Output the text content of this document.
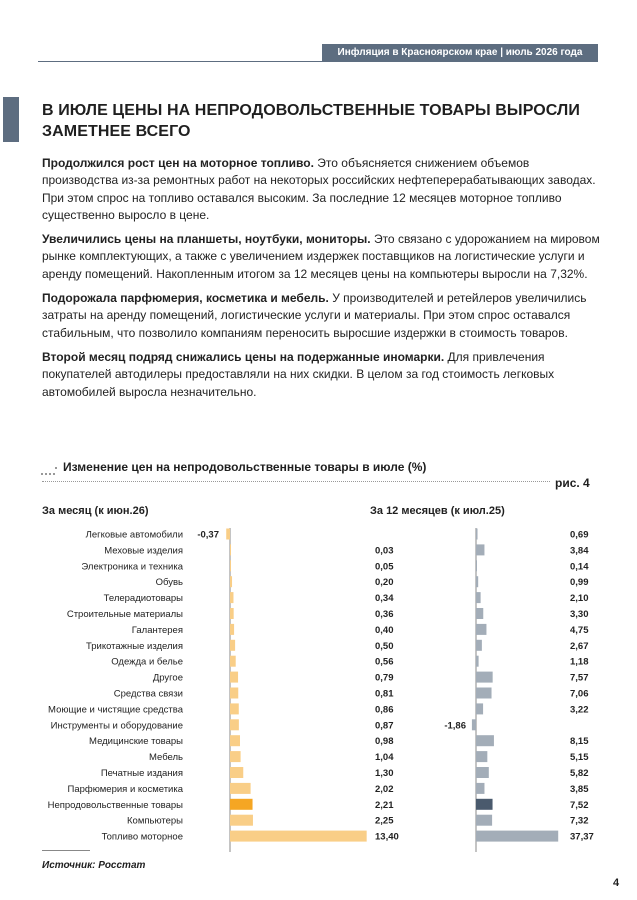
Инфляция в Красноярском крае | июль 2026 года
В ИЮЛЕ ЦЕНЫ НА НЕПРОДОВОЛЬСТВЕННЫЕ ТОВАРЫ ВЫРОСЛИ ЗАМЕТНЕЕ ВСЕГО

Продолжился рост цен на моторное топливо. Это объясняется снижением объемов производства из-за ремонтных работ на некоторых российских нефтеперерабатывающих заводах. При этом спрос на топливо оставался высоким. За последние 12 месяцев моторное топливо существенно выросло в цене.

Увеличились цены на планшеты, ноутбуки, мониторы. Это связано с удорожанием на мировом рынке комплектующих, а также с увеличением издержек поставщиков на логистические услуги и аренду помещений. Накопленным итогом за 12 месяцев цены на компьютеры выросли на 7,32%.

Подорожала парфюмерия, косметика и мебель. У производителей и ретейлеров увеличились затраты на аренду помещений, логистические услуги и материалы. При этом спрос оставался стабильным, что позволило компаниям переносить выросшие издержки в стоимость товаров.

Второй месяц подряд снижались цены на подержанные иномарки. Для привлечения покупателей автодилеры предоставляли на них скидки. В целом за год стоимость легковых автомобилей выросла незначительно.

Изменение цен на непродовольственные товары в июле (%)
рис. 4
За месяц (к июн.26)	За 12 месяцев (к июл.25)
Легковые автомобили -0,37	0,69
Меховые изделия	0,03	3,84
Электроника и техника	0,05	0,14
Обувь	0,20	0,99
Телерадиотовары	0,34	2,10
Строительные материалы	0,36	3,30
Галантерея	0,40	4,75
Трикотажные изделия	0,50	2,67
Одежда и белье	0,56	1,18
Другое	0,79	7,57
Средства связи	0,81	7,06
Моющие и чистящие средства	0,86	3,22
Инструменты и оборудование	0,87	-1,86
Медицинские товары	0,98	8,15
Мебель	1,04	5,15
Печатные издания	1,30	5,82
Парфюмерия и косметика	2,02	3,85
Непродовольственные товары	2,21	7,52
Компьютеры	2,25	7,32
Топливо моторное	13,40	37,37
Источник: Росстат
4
